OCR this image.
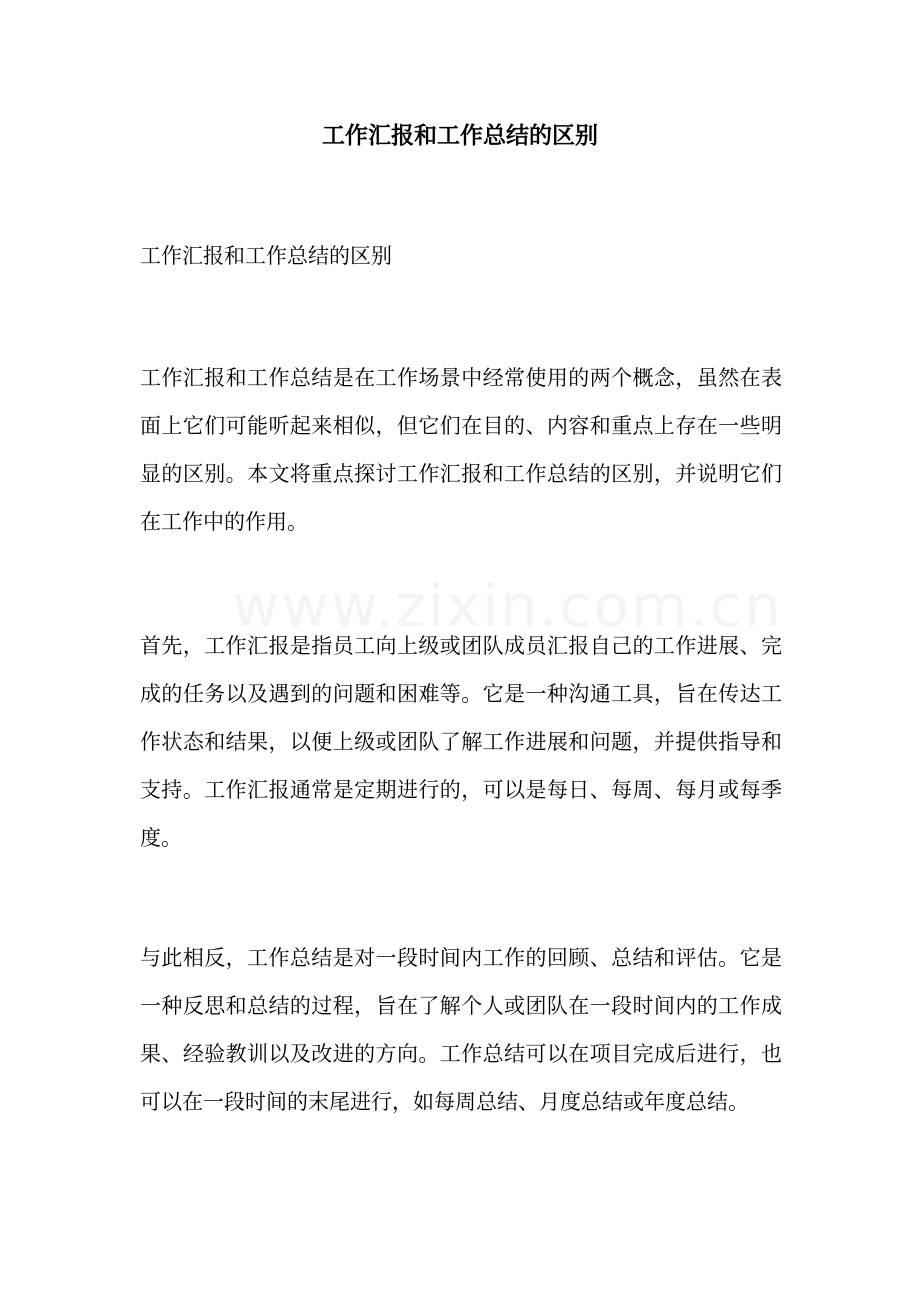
www.zixin.com.cn
工作汇报和工作总结的区别

工作汇报和工作总结的区别

工作汇报和工作总结是在工作场景中经常使用的两个概念，虽然在表面上它们可能听起来相似，但它们在目的、内容和重点上存在一些明显的区别。本文将重点探讨工作汇报和工作总结的区别，并说明它们在工作中的作用。

首先，工作汇报是指员工向上级或团队成员汇报自己的工作进展、完成的任务以及遇到的问题和困难等。它是一种沟通工具，旨在传达工作状态和结果，以便上级或团队了解工作进展和问题，并提供指导和支持。工作汇报通常是定期进行的，可以是每日、每周、每月或每季度。

与此相反，工作总结是对一段时间内工作的回顾、总结和评估。它是一种反思和总结的过程，旨在了解个人或团队在一段时间内的工作成果、经验教训以及改进的方向。工作总结可以在项目完成后进行，也可以在一段时间的末尾进行，如每周总结、月度总结或年度总结。
